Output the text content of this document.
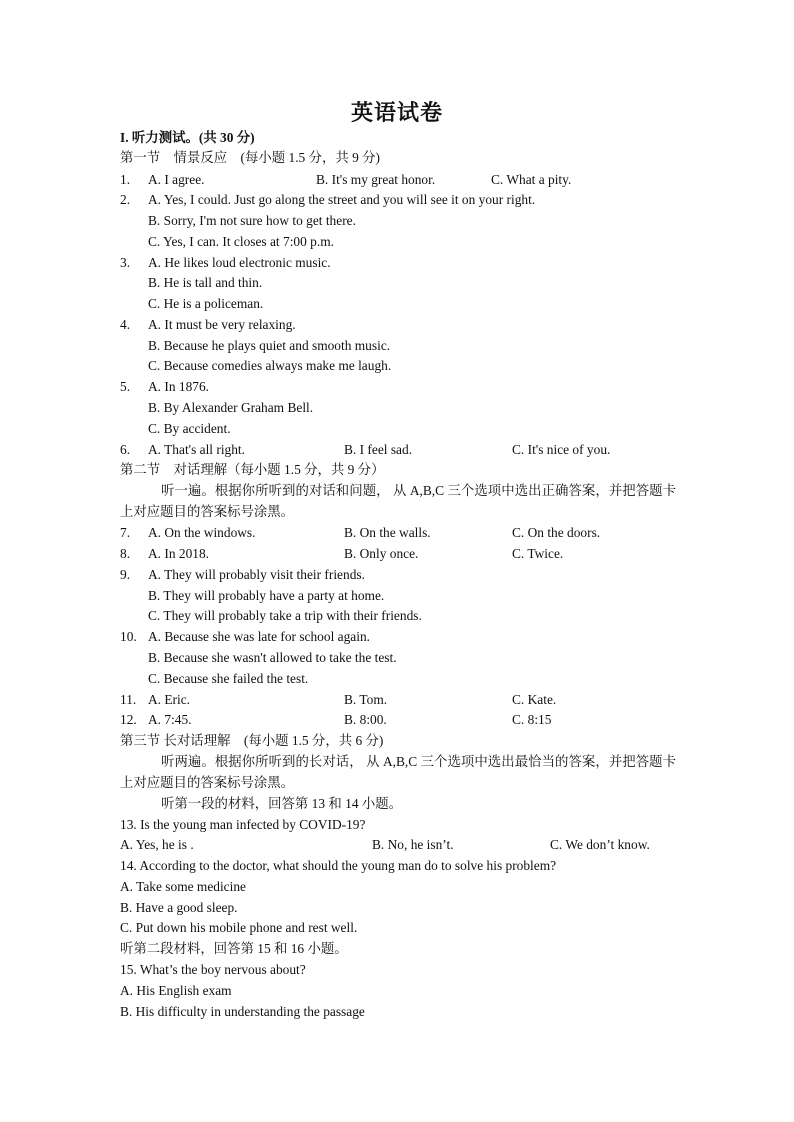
英语试卷
I. 听力测试。(共 30 分)
第一节　情景反应　(每小题 1.5 分，共 9 分)
1. A. I agree.	B. It's my great honor.	C. What a pity.
2. A. Yes, I could. Just go along the street and you will see it on your right.
B. Sorry, I'm not sure how to get there.
C. Yes, I can. It closes at 7:00 p.m.
3. A. He likes loud electronic music.
B. He is tall and thin.
C. He is a policeman.
4. A. It must be very relaxing.
B. Because he plays quiet and smooth music.
C. Because comedies always make me laugh.
5. A. In 1876.
B. By Alexander Graham Bell.
C. By accident.
6. A. That's all right.	B. I feel sad.	C. It's nice of you.
第二节　对话理解（每小题 1.5 分，共 9 分）
听一遍。根据你所听到的对话和问题， 从 A,B,C 三个选项中选出正确答案，并把答题卡上对应题目的答案标号涂黑。
7. A. On the windows.	B. On the walls.	C. On the doors.
8. A. In 2018.	B. Only once.	C. Twice.
9. A. They will probably visit their friends.
B. They will probably have a party at home.
C. They will probably take a trip with their friends.
10. A. Because she was late for school again.
B. Because she wasn't allowed to take the test.
C. Because she failed the test.
11. A. Eric.	B. Tom.	C. Kate.
12. A. 7:45.	B. 8:00.	C. 8:15
第三节 长对话理解　(每小题 1.5 分，共 6 分)
听两遍。根据你所听到的长对话， 从 A,B,C 三个选项中选出最恰当的答案，并把答题卡上对应题目的答案标号涂黑。
听第一段的材料，回答第 13 和 14 小题。
13. Is the young man infected by COVID-19?
A. Yes, he is .	B. No, he isn’t.	C. We don’t know.
14. According to the doctor, what should the young man do to solve his problem?
A. Take some medicine
B. Have a good sleep.
C. Put down his mobile phone and rest well.
听第二段材料，回答第 15 和 16 小题。
15. What’s the boy nervous about?
A. His English exam
B. His difficulty in understanding the passage
